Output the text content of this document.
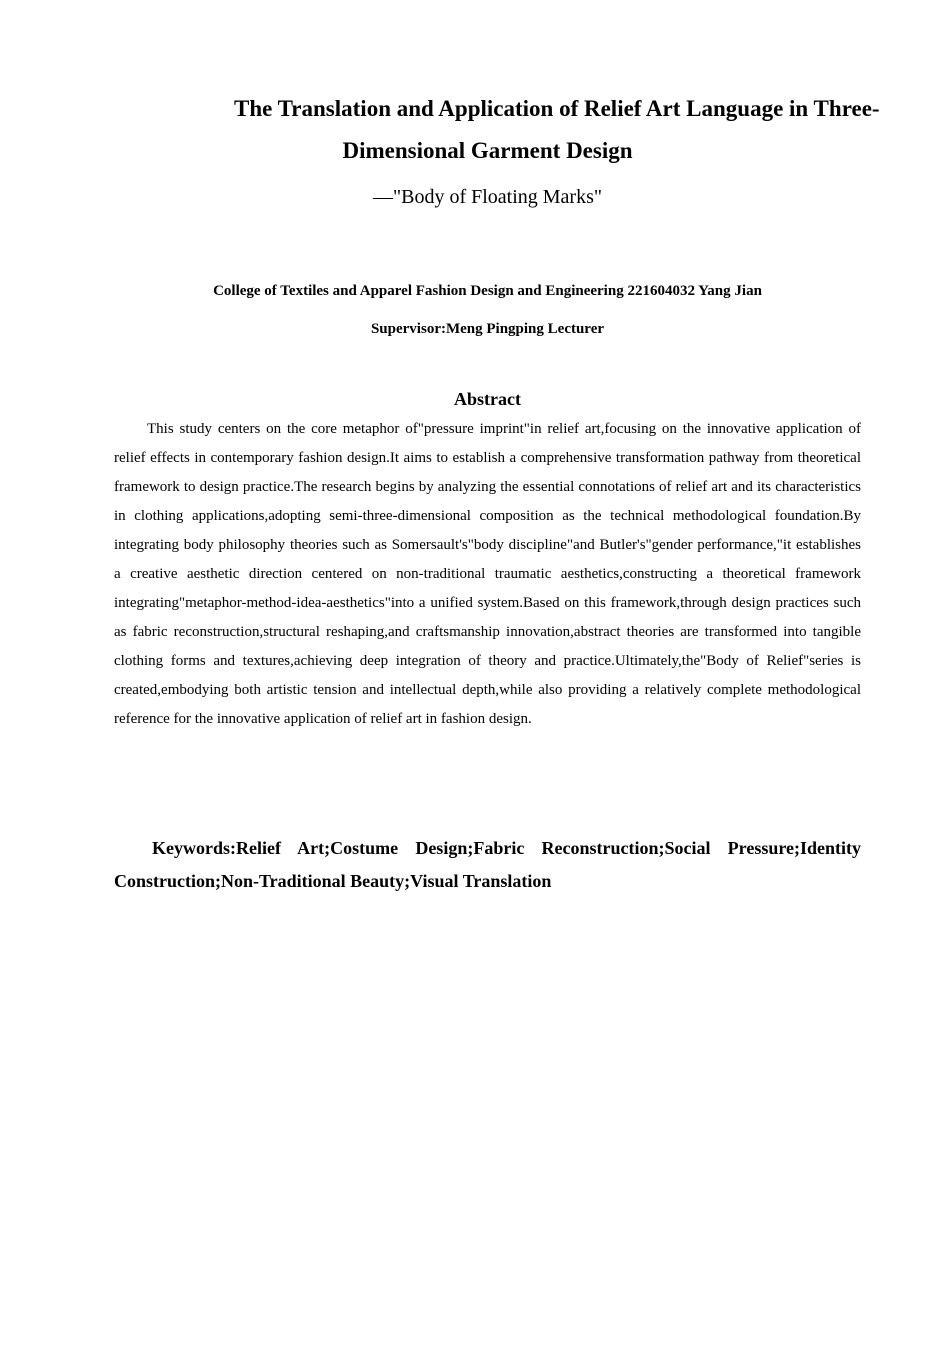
The Translation and Application of Relief Art Language in Three-
Dimensional Garment Design

—"Body of Floating Marks"

College of Textiles and Apparel Fashion Design and Engineering 221604032 Yang Jian

Supervisor:Meng Pingping Lecturer

Abstract

This study centers on the core metaphor of"pressure imprint"in relief art,focusing on the innovative application of relief effects in contemporary fashion design.It aims to establish a comprehensive transformation pathway from theoretical framework to design practice.The research begins by analyzing the essential connotations of relief art and its characteristics in clothing applications,adopting semi-three-dimensional composition as the technical methodological foundation.By integrating body philosophy theories such as Somersault's"body discipline"and Butler's"gender performance,"it establishes a creative aesthetic direction centered on non-traditional traumatic aesthetics,constructing a theoretical framework integrating"metaphor-method-idea-aesthetics"into a unified system.Based on this framework,through design practices such as fabric reconstruction,structural reshaping,and craftsmanship innovation,abstract theories are transformed into tangible clothing forms and textures,achieving deep integration of theory and practice.Ultimately,the"Body of Relief"series is created,embodying both artistic tension and intellectual depth,while also providing a relatively complete methodological reference for the innovative application of relief art in fashion design.

Keywords:Relief Art;Costume Design;Fabric Reconstruction;Social Pressure;Identity Construction;Non-Traditional Beauty;Visual Translation
